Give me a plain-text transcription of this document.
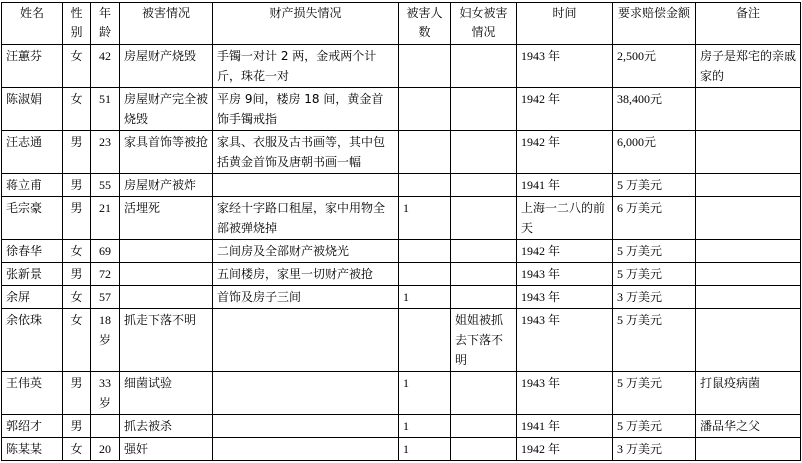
姓名	性别	年龄	被害情况	财产损失情况	被害人数	妇女被害情况	时间	要求赔偿金额	备注
汪蕙芬	女	42	房屋财产烧毁	手镯一对计 2 两，金戒两个计斤，珠花一对			1943 年	2,500元	房子是郑宅的亲戚家的
陈淑娟	女	51	房屋财产完全被烧毁	平房 9间，楼房 18 间，黄金首饰手镯戒指			1942 年	38,400元	
汪志通	男	23	家具首饰等被抢	家具、衣服及古书画等，其中包括黄金首饰及唐朝书画一幅			1942 年	6,000元	
蒋立甫	男	55	房屋财产被炸				1941 年	5 万美元	
毛宗豪	男	21	活埋死	家经十字路口租屋，家中用物全部被弹烧掉	1		上海一二八的前天	6 万美元	
徐春华	女	69		二间房及全部财产被烧光			1942 年	5 万美元	
张新景	男	72		五间楼房，家里一切财产被抢			1943 年	5 万美元	
余屏	女	57		首饰及房子三间	1		1943 年	3 万美元	
余依珠	女	18岁	抓走下落不明			姐姐被抓去下落不明	1943 年	5 万美元	
王伟英	男	33岁	细菌试验		1		1943 年	5 万美元	打鼠疫病菌
郭绍才	男		抓去被杀		1		1941 年	5 万美元	潘品华之父
陈某某	女	20	强奸		1		1942 年	3 万美元	
